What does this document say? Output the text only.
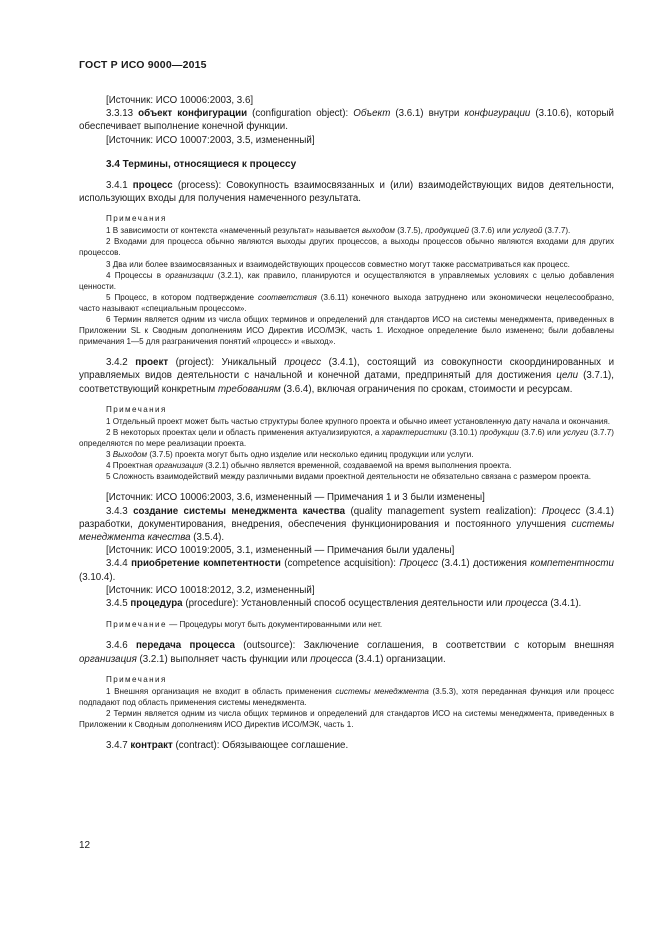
ГОСТ Р ИСО 9000—2015

[Источник: ИСО 10006:2003, 3.6]

3.3.13 объект конфигурации (configuration object): Объект (3.6.1) внутри конфигурации (3.10.6), который обеспечивает выполнение конечной функции.

[Источник: ИСО 10007:2003, 3.5, измененный]

3.4 Термины, относящиеся к процессу

3.4.1 процесс (process): Совокупность взаимосвязанных и (или) взаимодействующих видов деятельности, использующих входы для получения намеченного результата.

Примечания

1 В зависимости от контекста «намеченный результат» называется выходом (3.7.5), продукцией (3.7.6) или услугой (3.7.7).

2 Входами для процесса обычно являются выходы других процессов, а выходы процессов обычно являются входами для других процессов.

3 Два или более взаимосвязанных и взаимодействующих процессов совместно могут также рассматриваться как процесс.

4 Процессы в организации (3.2.1), как правило, планируются и осуществляются в управляемых условиях с целью добавления ценности.

5 Процесс, в котором подтверждение соответствия (3.6.11) конечного выхода затруднено или экономически нецелесообразно, часто называют «специальным процессом».

6 Термин является одним из числа общих терминов и определений для стандартов ИСО на системы менеджмента, приведенных в Приложении SL к Сводным дополнениям ИСО Директив ИСО/МЭК, часть 1. Исходное определение было изменено; были добавлены примечания 1—5 для разграничения понятий «процесс» и «выход».

3.4.2 проект (project): Уникальный процесс (3.4.1), состоящий из совокупности скоординированных и управляемых видов деятельности с начальной и конечной датами, предпринятый для достижения цели (3.7.1), соответствующий конкретным требованиям (3.6.4), включая ограничения по срокам, стоимости и ресурсам.

Примечания

1 Отдельный проект может быть частью структуры более крупного проекта и обычно имеет установленную дату начала и окончания.

2 В некоторых проектах цели и область применения актуализируются, а характеристики (3.10.1) продукции (3.7.6) или услуги (3.7.7) определяются по мере реализации проекта.

3 Выходом (3.7.5) проекта могут быть одно изделие или несколько единиц продукции или услуги.

4 Проектная организация (3.2.1) обычно является временной, создаваемой на время выполнения проекта.

5 Сложность взаимодействий между различными видами проектной деятельности не обязательно связана с размером проекта.

[Источник: ИСО 10006:2003, 3.6, измененный — Примечания 1 и 3 были изменены]

3.4.3 создание системы менеджмента качества (quality management system realization): Процесс (3.4.1) разработки, документирования, внедрения, обеспечения функционирования и постоянного улучшения системы менеджмента качества (3.5.4).

[Источник: ИСО 10019:2005, 3.1, измененный — Примечания были удалены]

3.4.4 приобретение компетентности (competence acquisition): Процесс (3.4.1) достижения компетентности (3.10.4).

[Источник: ИСО 10018:2012, 3.2, измененный]

3.4.5 процедура (procedure): Установленный способ осуществления деятельности или процесса (3.4.1).

Примечание — Процедуры могут быть документированными или нет.

3.4.6 передача процесса (outsource): Заключение соглашения, в соответствии с которым внешняя организация (3.2.1) выполняет часть функции или процесса (3.4.1) организации.

Примечания

1 Внешняя организация не входит в область применения системы менеджмента (3.5.3), хотя переданная функция или процесс подпадают под область применения системы менеджмента.

2 Термин является одним из числа общих терминов и определений для стандартов ИСО на системы менеджмента, приведенных в Приложении к Сводным дополнениям ИСО Директив ИСО/МЭК, часть 1.

3.4.7 контракт (contract): Обязывающее соглашение.

12
